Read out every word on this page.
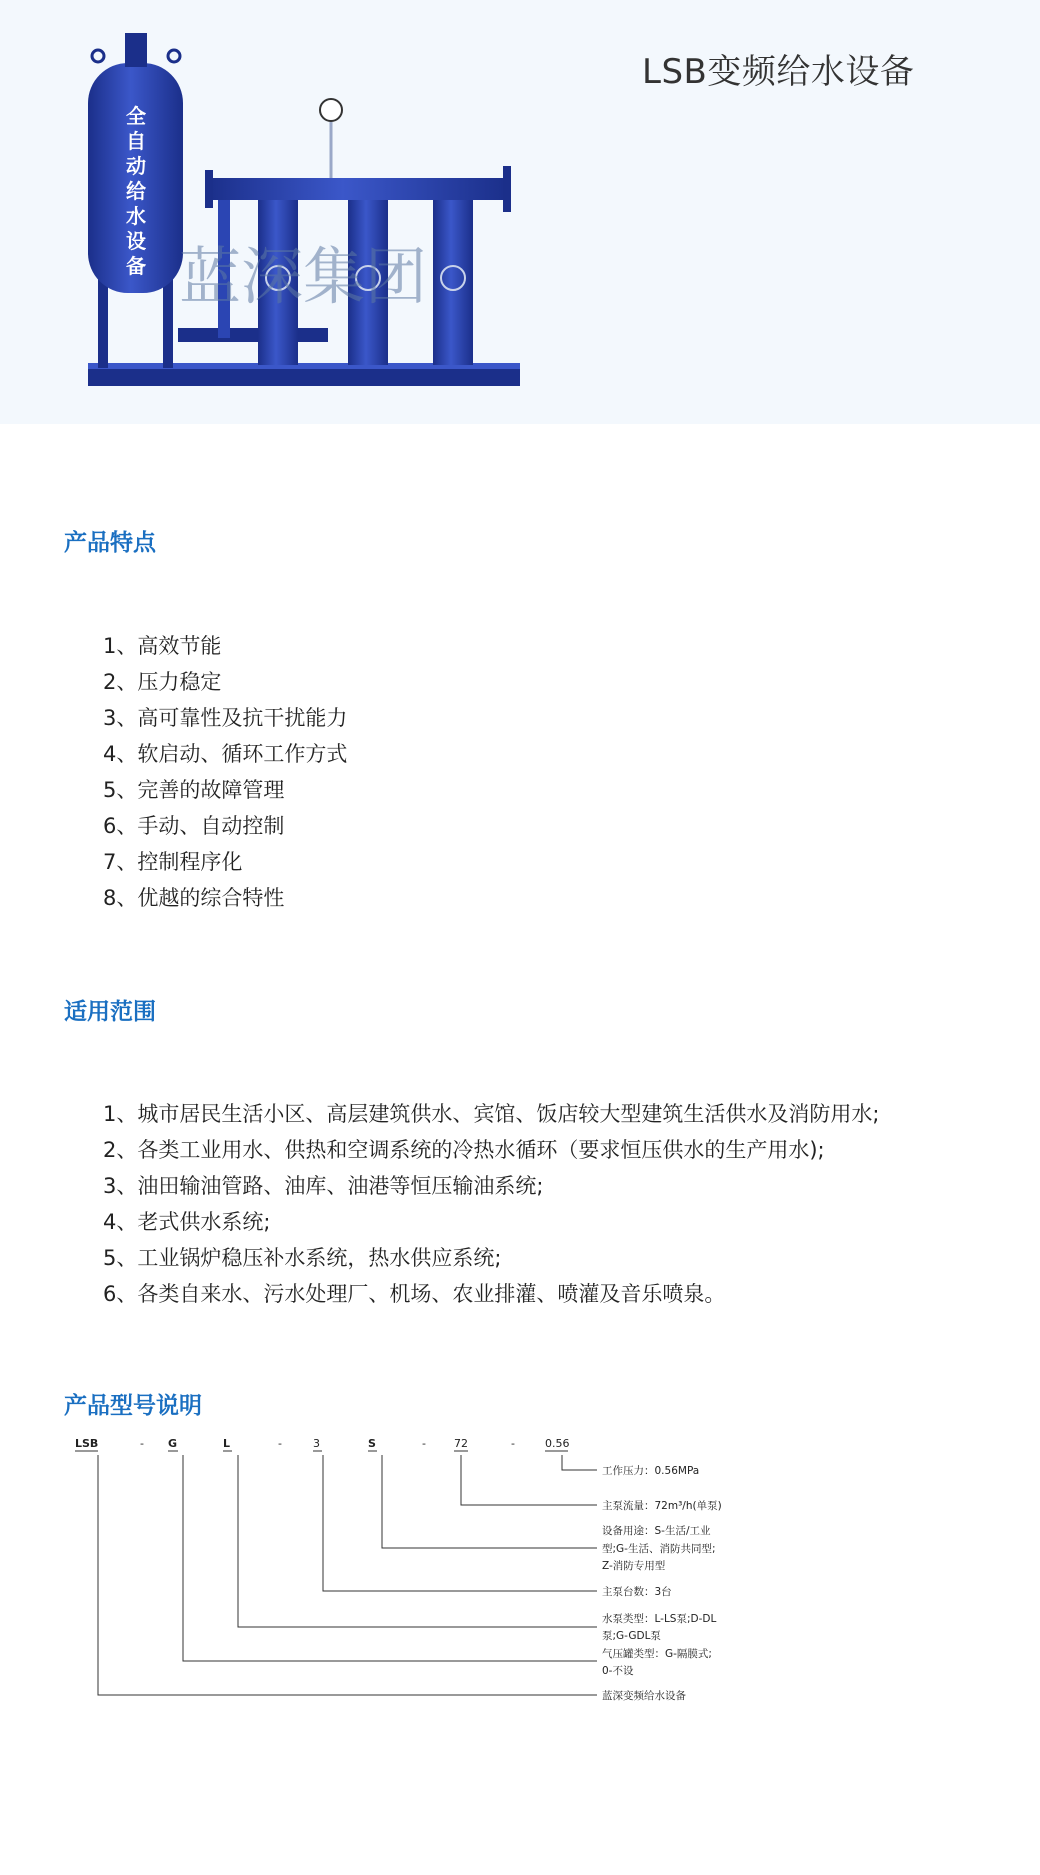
全
自
动
给
水
设
备 蓝深集团
LSB变频给水设备
产品特点
1、高效节能
2、压力稳定
3、高可靠性及抗干扰能力
4、软启动、循环工作方式
5、完善的故障管理
6、手动、自动控制
7、控制程序化
8、优越的综合特性
适用范围
1、城市居民生活小区、高层建筑供水、宾馆、饭店较大型建筑生活供水及消防用水;
2、各类工业用水、供热和空调系统的冷热水循环（要求恒压供水的生产用水);
3、油田输油管路、油库、油港等恒压输油系统;
4、老式供水系统;
5、工业锅炉稳压补水系统，热水供应系统;
6、各类自来水、污水处理厂、机场、农业排灌、喷灌及音乐喷泉。
产品型号说明
LSB	- G	L	-	3	S	-	72	-	0.56
工作压力：0.56MPa
主泵流量：72m³/h(单泵)
设备用途：S-生活/工业
型;G-生活、消防共同型;
Z-消防专用型
主泵台数：3台
水泵类型：L-LS泵;D-DL
泵;G-GDL泵
气压罐类型：G-隔膜式;
0-不设
蓝深变频给水设备
